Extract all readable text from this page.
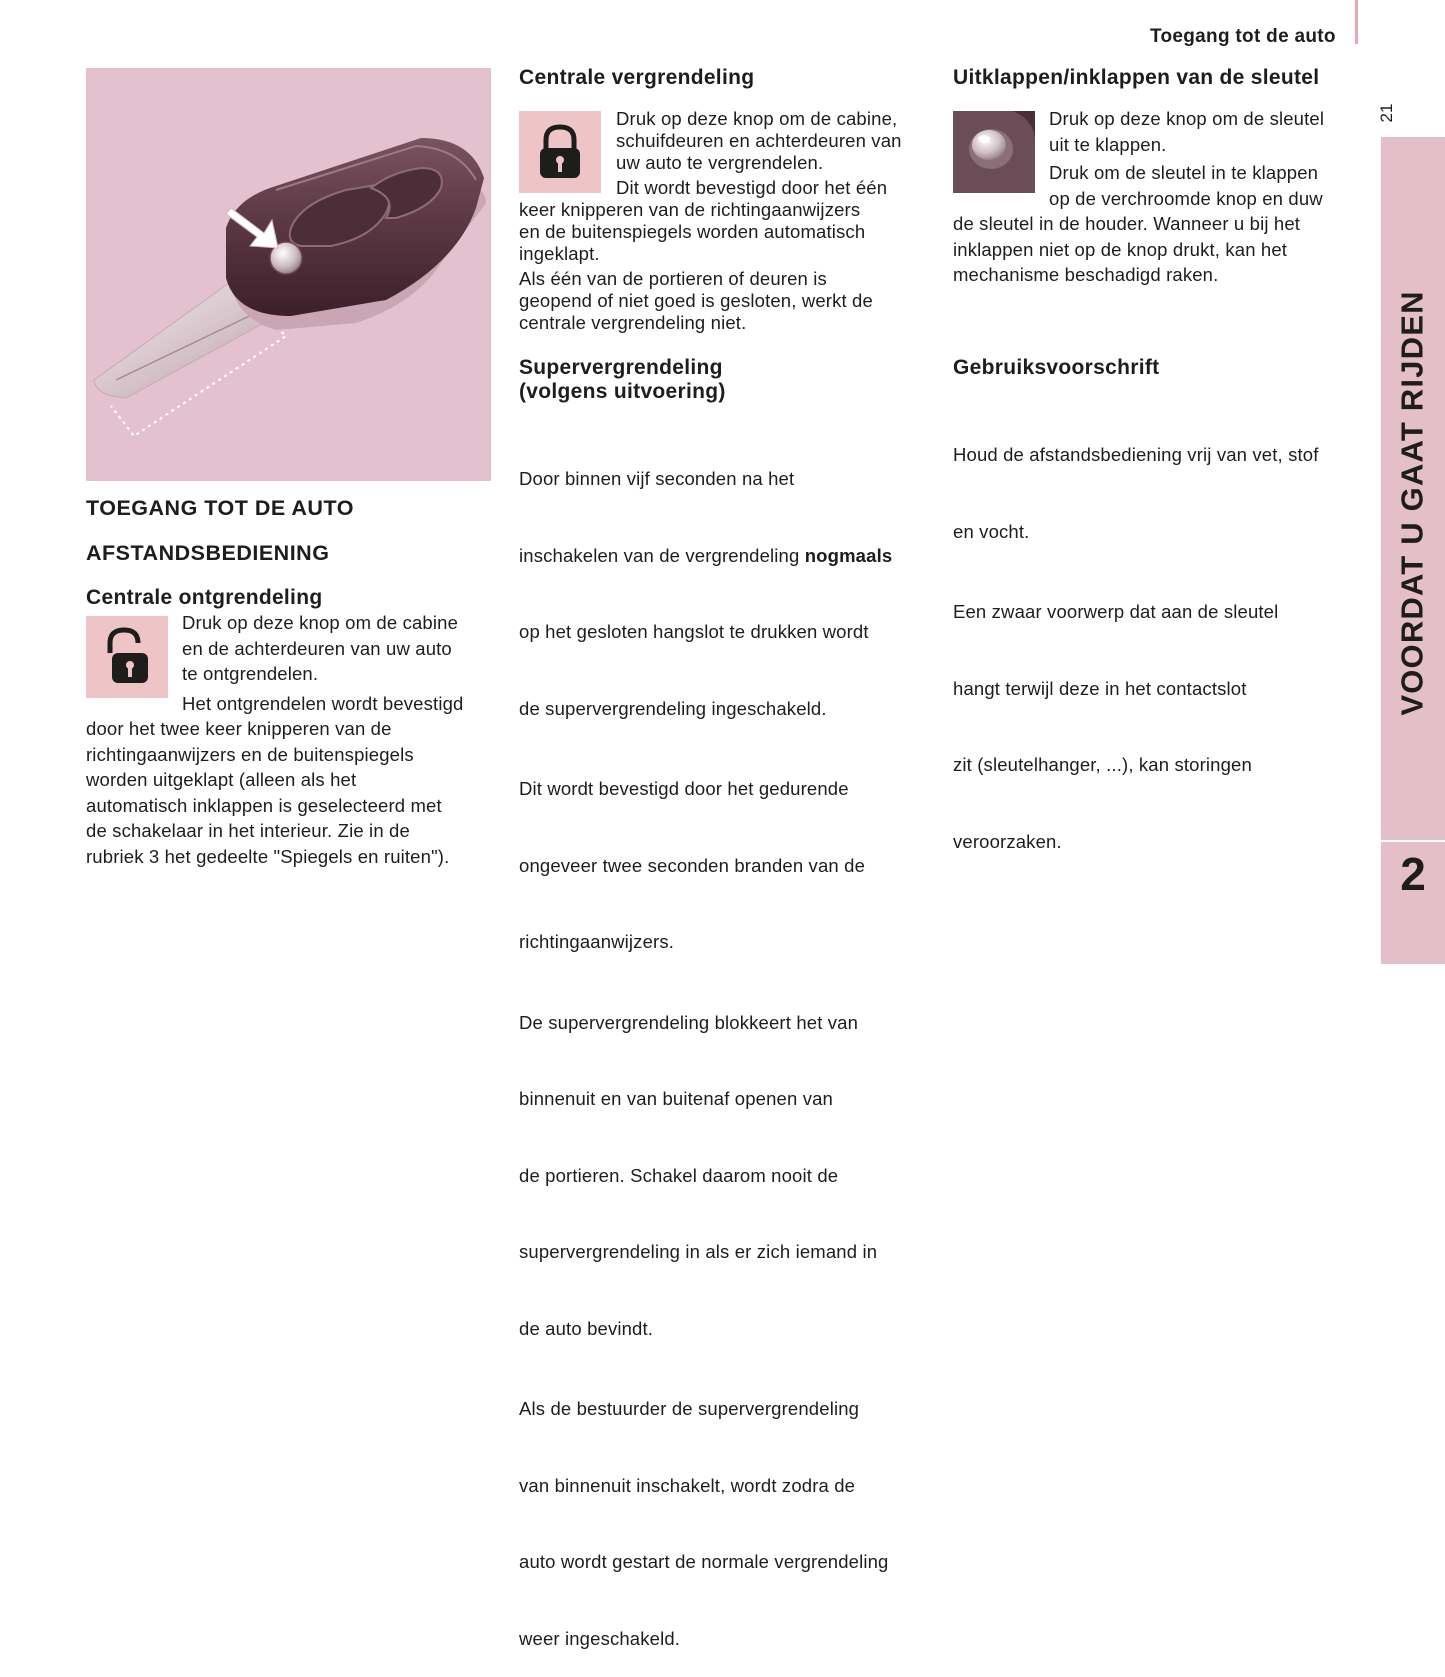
Toegang tot de auto
21
VOORDAT U GAAT RIJDEN
2
TOEGANG TOT DE AUTO
AFSTANDSBEDIENING
Centrale ontgrendeling
Druk op deze knop om de cabine
en de achterdeuren van uw auto
te ontgrendelen.
Het ontgrendelen wordt bevestigd
door het twee keer knipperen van de
richtingaanwijzers en de buitenspiegels
worden uitgeklapt (alleen als het
automatisch inklappen is geselecteerd met
de schakelaar in het interieur. Zie in de
rubriek 3 het gedeelte "Spiegels en ruiten").
Centrale vergrendeling
Druk op deze knop om de cabine,
schuifdeuren en achterdeuren van
uw auto te vergrendelen.
Dit wordt bevestigd door het één
keer knipperen van de richtingaanwijzers
en de buitenspiegels worden automatisch
ingeklapt.
Als één van de portieren of deuren is
geopend of niet goed is gesloten, werkt de
centrale vergrendeling niet.
Supervergrendeling
(volgens uitvoering)

Door binnen vijf seconden na het

inschakelen van de vergrendeling nogmaals

op het gesloten hangslot te drukken wordt

de supervergrendeling ingeschakeld.

Dit wordt bevestigd door het gedurende

ongeveer twee seconden branden van de

richtingaanwijzers.

De supervergrendeling blokkeert het van

binnenuit en van buitenaf openen van

de portieren. Schakel daarom nooit de

supervergrendeling in als er zich iemand in

de auto bevindt.

Als de bestuurder de supervergrendeling

van binnenuit inschakelt, wordt zodra de

auto wordt gestart de normale vergrendeling

weer ingeschakeld.

Uitklappen/inklappen van de sleutel
Druk op deze knop om de sleutel
uit te klappen.
Druk om de sleutel in te klappen
op de verchroomde knop en duw
de sleutel in de houder. Wanneer u bij het
inklappen niet op de knop drukt, kan het
mechanisme beschadigd raken.
Gebruiksvoorschrift

Houd de afstandsbediening vrij van vet, stof

en vocht.

Een zwaar voorwerp dat aan de sleutel

hangt terwijl deze in het contactslot

zit (sleutelhanger, ...), kan storingen

veroorzaken.
